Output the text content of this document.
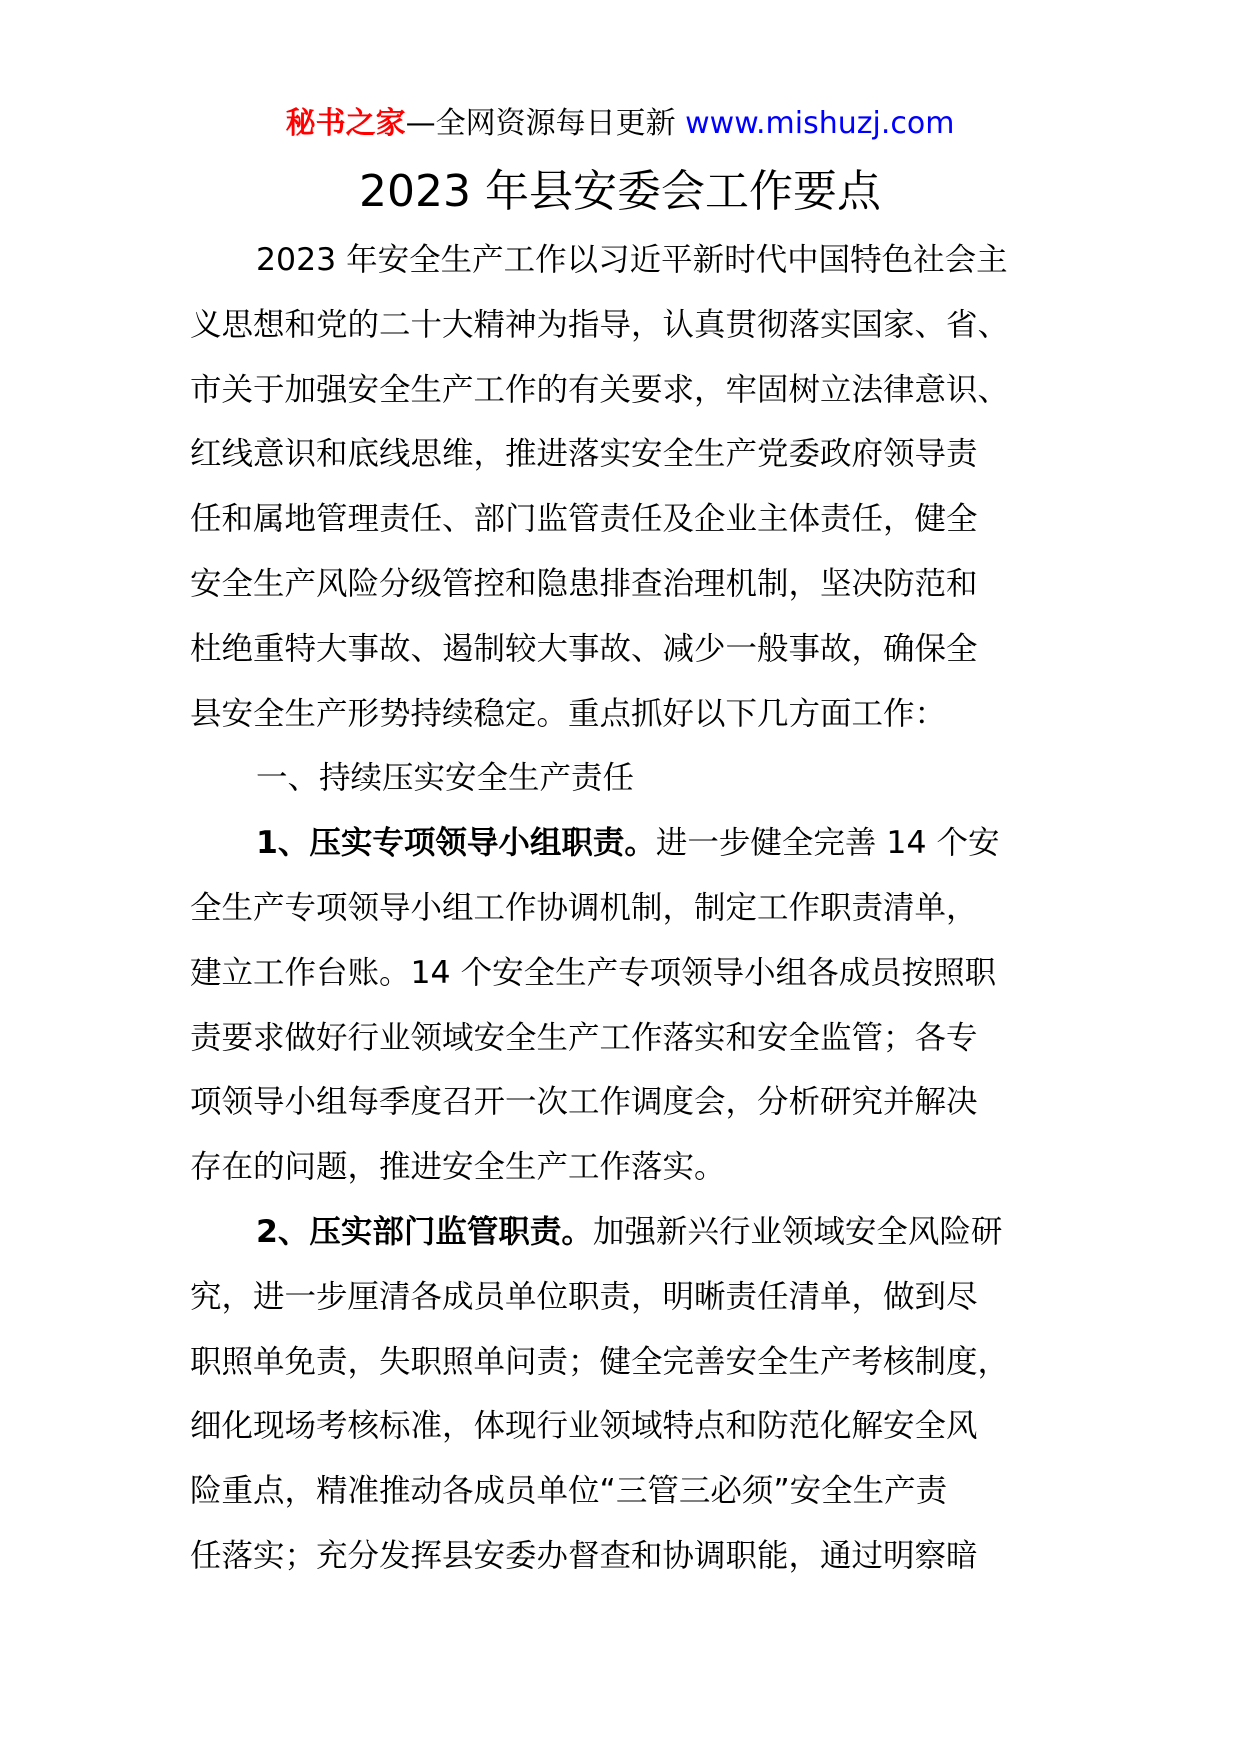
秘书之家—全网资源每日更新 www.mishuzj.com
2023 年县安委会工作要点
2023 年安全生产工作以习近平新时代中国特色社会主
义思想和党的二十大精神为指导，认真贯彻落实国家、省、
市关于加强安全生产工作的有关要求，牢固树立法律意识、
红线意识和底线思维，推进落实安全生产党委政府领导责
任和属地管理责任、部门监管责任及企业主体责任，健全
安全生产风险分级管控和隐患排查治理机制，坚决防范和
杜绝重特大事故、遏制较大事故、减少一般事故，确保全
县安全生产形势持续稳定。重点抓好以下几方面工作：
一、持续压实安全生产责任
1、压实专项领导小组职责。进一步健全完善 14 个安
全生产专项领导小组工作协调机制，制定工作职责清单，
建立工作台账。14 个安全生产专项领导小组各成员按照职
责要求做好行业领域安全生产工作落实和安全监管；各专
项领导小组每季度召开一次工作调度会，分析研究并解决
存在的问题，推进安全生产工作落实。
2、压实部门监管职责。加强新兴行业领域安全风险研
究，进一步厘清各成员单位职责，明晰责任清单，做到尽
职照单免责，失职照单问责；健全完善安全生产考核制度，
细化现场考核标准，体现行业领域特点和防范化解安全风
险重点，精准推动各成员单位“三管三必须”安全生产责
任落实；充分发挥县安委办督查和协调职能，通过明察暗
